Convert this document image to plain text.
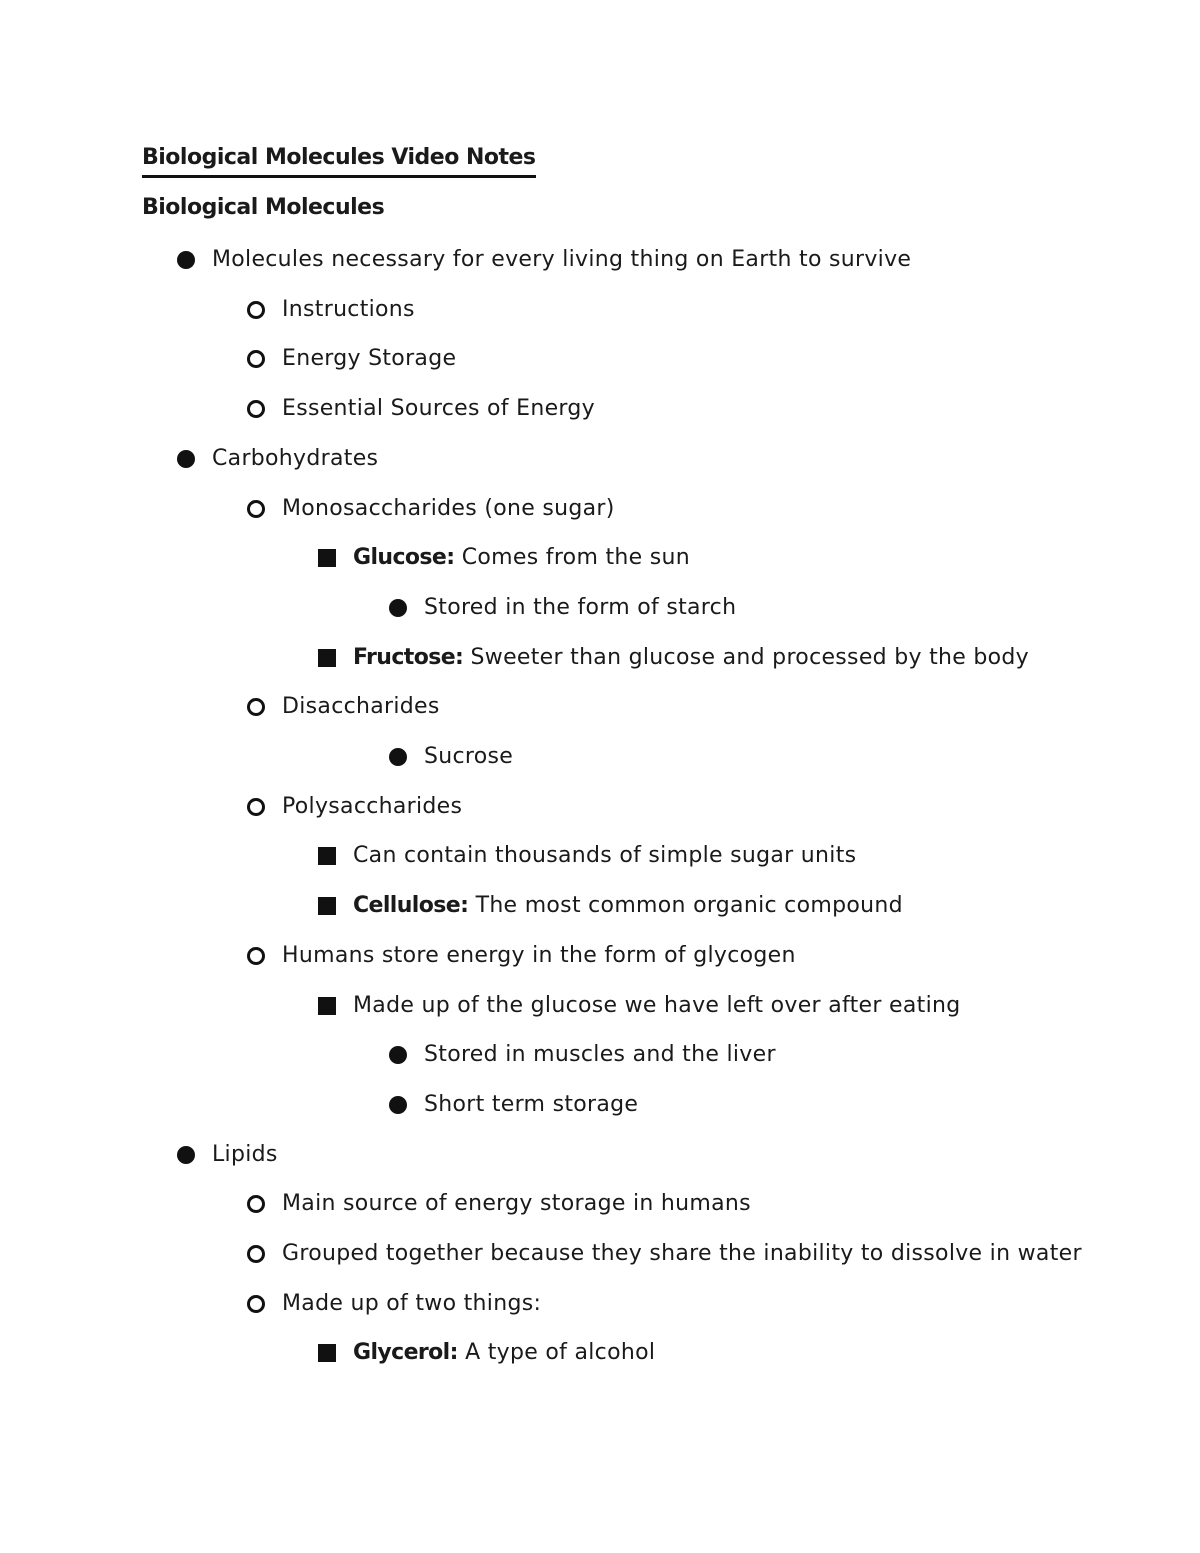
Biological Molecules Video Notes
Biological Molecules
Molecules necessary for every living thing on Earth to survive
Instructions
Energy Storage
Essential Sources of Energy
Carbohydrates
Monosaccharides (one sugar)
Glucose: Comes from the sun
Stored in the form of starch
Fructose: Sweeter than glucose and processed by the body
Disaccharides
Sucrose
Polysaccharides
Can contain thousands of simple sugar units
Cellulose: The most common organic compound
Humans store energy in the form of glycogen
Made up of the glucose we have left over after eating
Stored in muscles and the liver
Short term storage
Lipids
Main source of energy storage in humans
Grouped together because they share the inability to dissolve in water
Made up of two things:
Glycerol: A type of alcohol
